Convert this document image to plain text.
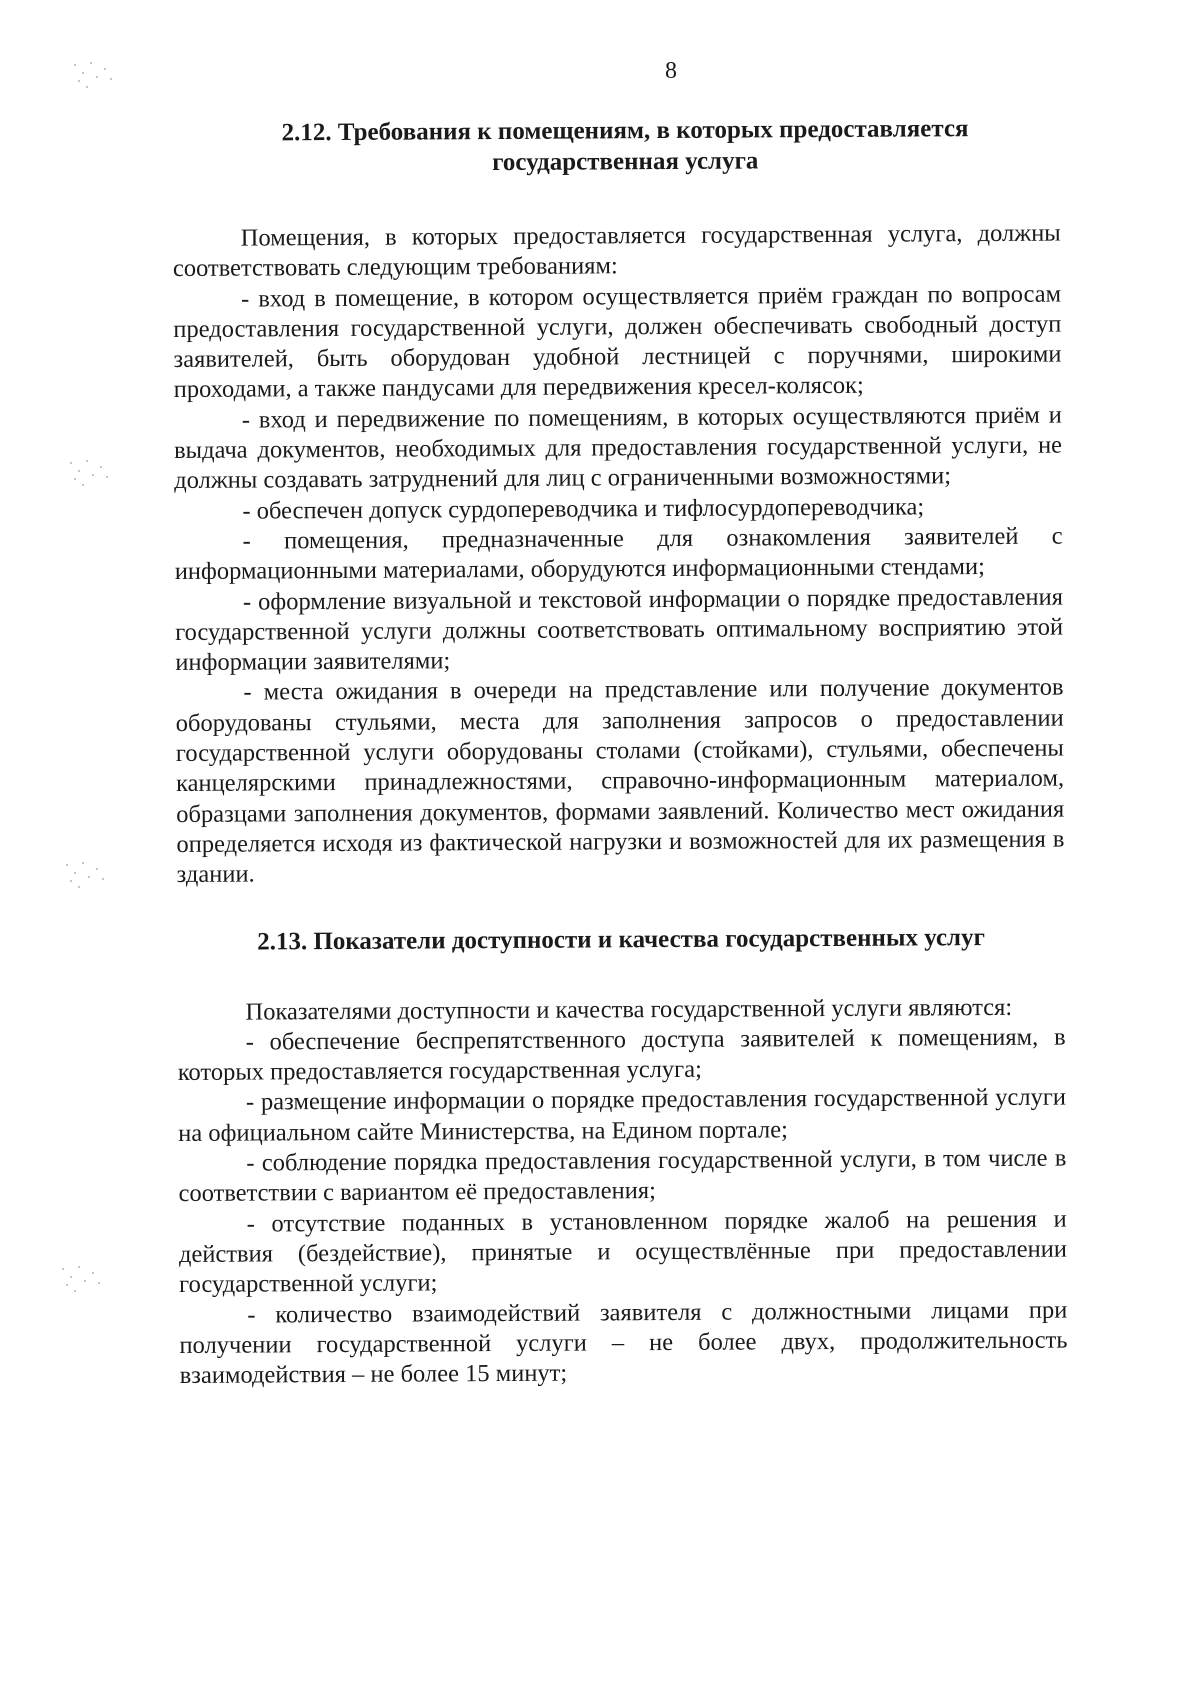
8
2.12. Требования к помещениям, в которых предоставляется государственная услуга

Помещения, в которых предоставляется государственная услуга, должны соответствовать следующим требованиям:

- вход в помещение, в котором осуществляется приём граждан по вопросам предоставления государственной услуги, должен обеспечивать свободный доступ заявителей, быть оборудован удобной лестницей с поручнями, широкими проходами, а также пандусами для передвижения кресел-колясок;

- вход и передвижение по помещениям, в которых осуществляются приём и выдача документов, необходимых для предоставления государственной услуги, не должны создавать затруднений для лиц с ограниченными возможностями;

- обеспечен допуск сурдопереводчика и тифлосурдопереводчика;

- помещения, предназначенные для ознакомления заявителей с информационными материалами, оборудуются информационными стендами;

- оформление визуальной и текстовой информации о порядке предоставления государственной услуги должны соответствовать оптимальному восприятию этой информации заявителями;

- места ожидания в очереди на представление или получение документов оборудованы стульями, места для заполнения запросов о предоставлении государственной услуги оборудованы столами (стойками), стульями, обеспечены канцелярскими принадлежностями, справочно-информационным материалом, образцами заполнения документов, формами заявлений. Количество мест ожидания определяется исходя из фактической нагрузки и возможностей для их размещения в здании.

2.13. Показатели доступности и качества государственных услуг

Показателями доступности и качества государственной услуги являются:

- обеспечение беспрепятственного доступа заявителей к помещениям, в которых предоставляется государственная услуга;

- размещение информации о порядке предоставления государственной услуги на официальном сайте Министерства, на Едином портале;

- соблюдение порядка предоставления государственной услуги, в том числе в соответствии с вариантом её предоставления;

- отсутствие поданных в установленном порядке жалоб на решения и действия (бездействие), принятые и осуществлённые при предоставлении государственной услуги;

- количество взаимодействий заявителя с должностными лицами при получении государственной услуги – не более двух, продолжительность взаимодействия – не более 15 минут;
